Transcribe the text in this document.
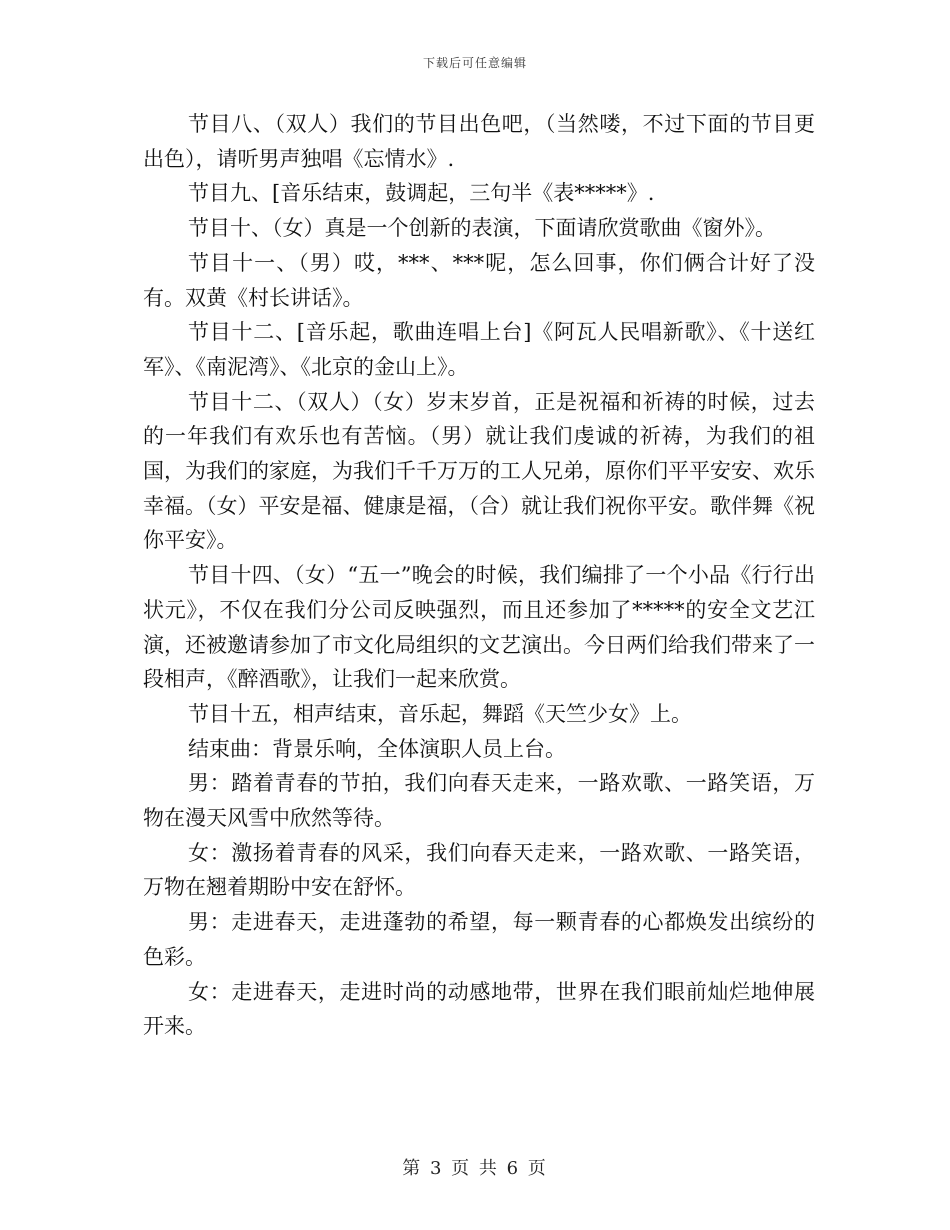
下载后可任意编辑

节目八、（双人）我们的节目出色吧，（当然喽，不过下面的节目更出色），请听男声独唱《忘情水》.

节目九、[音乐结束，鼓调起，三句半《表*****》.

节目十、（女）真是一个创新的表演，下面请欣赏歌曲《窗外》。

节目十一、（男）哎，***、***呢，怎么回事，你们俩合计好了没有。双黄《村长讲话》。

节目十二、[音乐起，歌曲连唱上台]《阿瓦人民唱新歌》、《十送红军》、《南泥湾》、《北京的金山上》。

节目十二、（双人）（女）岁末岁首，正是祝福和祈祷的时候，过去的一年我们有欢乐也有苦恼。（男）就让我们虔诚的祈祷，为我们的祖国，为我们的家庭，为我们千千万万的工人兄弟，原你们平平安安、欢乐幸福。（女）平安是福、健康是福，（合）就让我们祝你平安。歌伴舞《祝你平安》。

节目十四、（女）“五一”晚会的时候，我们编排了一个小品《行行出状元》，不仅在我们分公司反映强烈，而且还参加了*****的安全文艺江演，还被邀请参加了市文化局组织的文艺演出。今日两们给我们带来了一段相声，《醉酒歌》，让我们一起来欣赏。

节目十五，相声结束，音乐起，舞蹈《天竺少女》上。

结束曲：背景乐响，全体演职人员上台。

男：踏着青春的节拍，我们向春天走来，一路欢歌、一路笑语，万物在漫天风雪中欣然等待。

女：激扬着青春的风采，我们向春天走来，一路欢歌、一路笑语，万物在翘着期盼中安在舒怀。

男：走进春天，走进蓬勃的希望，每一颗青春的心都焕发出缤纷的色彩。

女：走进春天，走进时尚的动感地带，世界在我们眼前灿烂地伸展开来。

第 3 页 共 6 页
